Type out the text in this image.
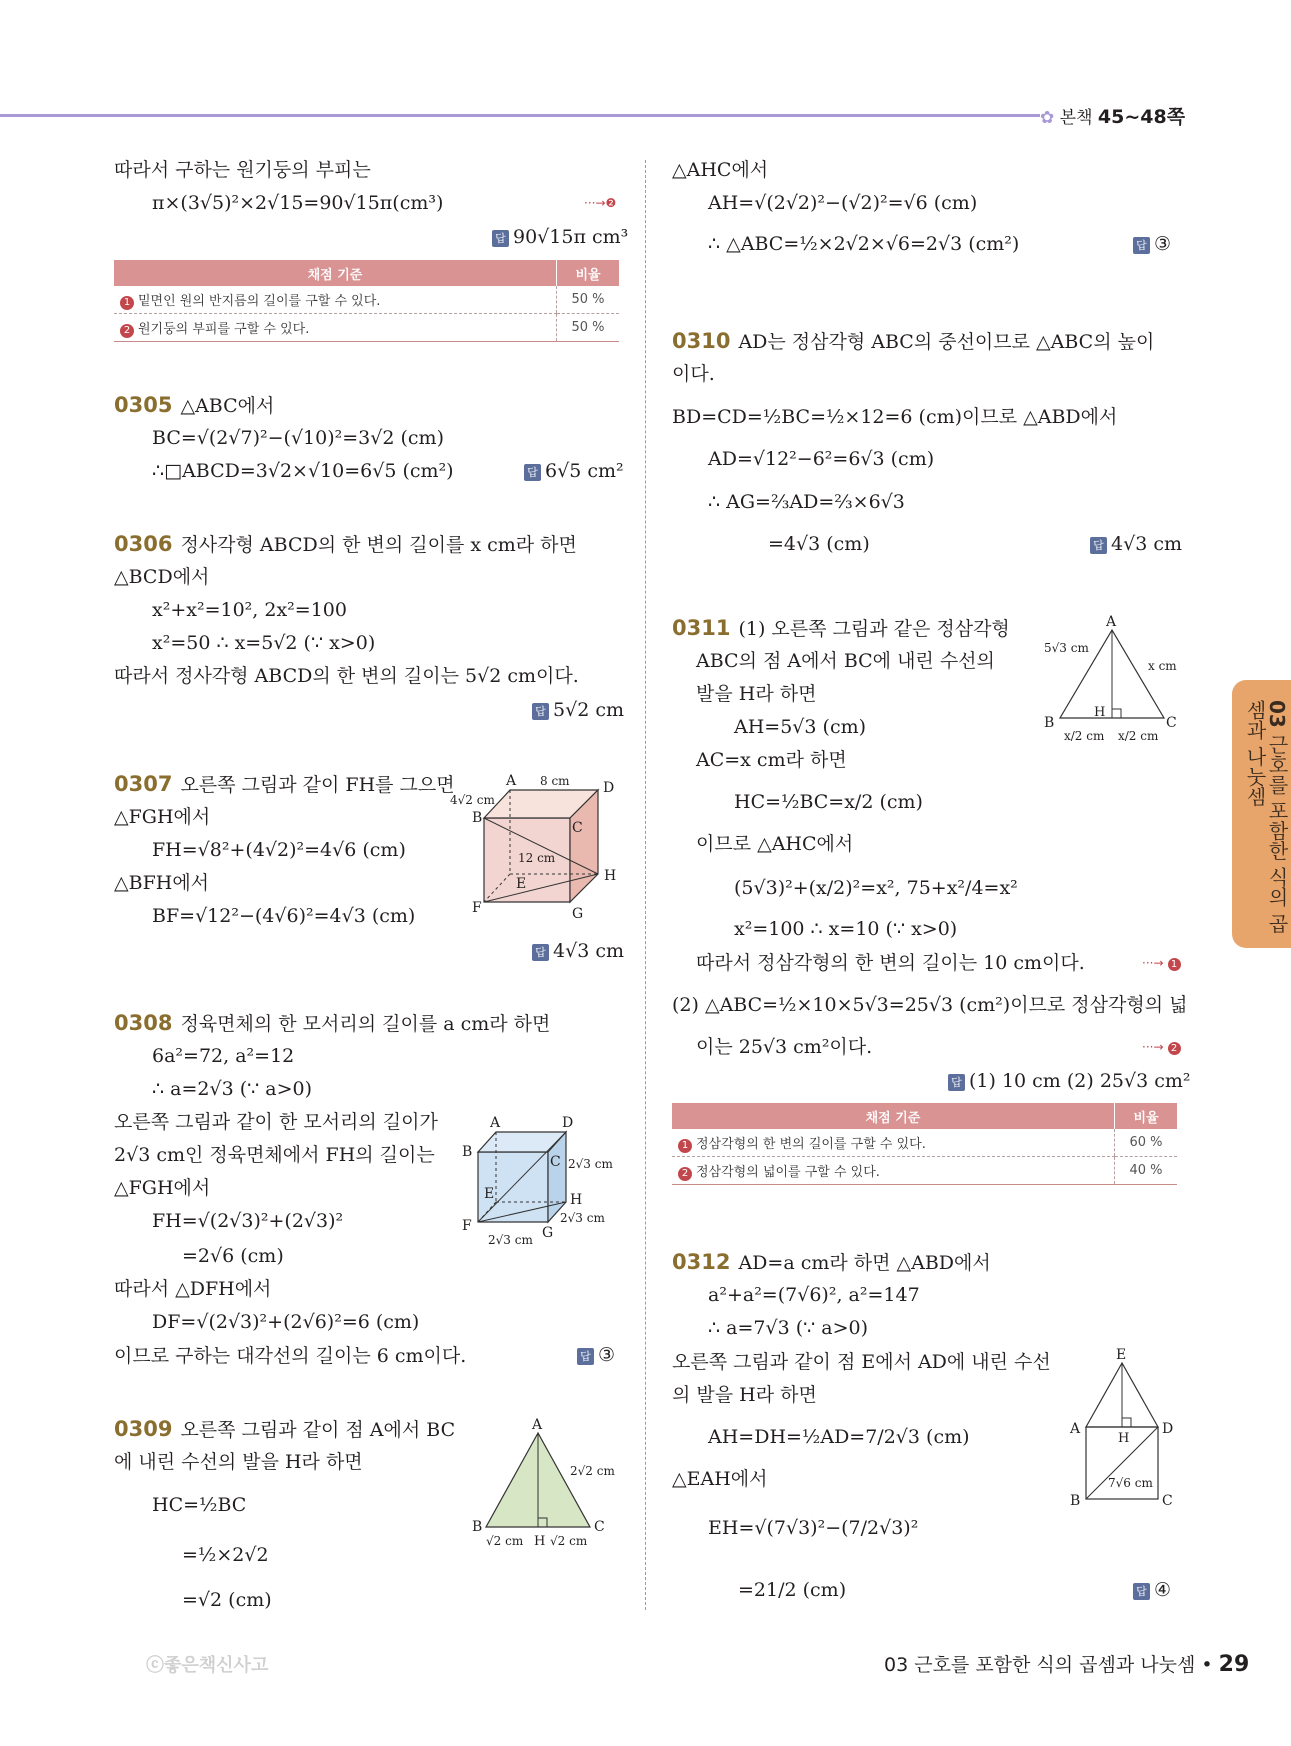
✿ 본책 45~48쪽
따라서 구하는 원기둥의 부피는
π×(3√5)²×2√15=90√15π(cm³)	···→❷
답 90√15π cm³
채점 기준	비율
1 밑면인 원의 반지름의 길이를 구할 수 있다.	50 %
2 원기둥의 부피를 구할 수 있다.	50 %
0305 △ABC에서
BC=√(2√7)²−(√10)²=3√2 (cm)
∴□ABCD=3√2×√10=6√5 (cm²)	답 6√5 cm²
0306 정사각형 ABCD의 한 변의 길이를 x cm라 하면
△BCD에서
x²+x²=10², 2x²=100
x²=50 ∴ x=5√2 (∵ x>0)
따라서 정사각형 ABCD의 한 변의 길이는 5√2 cm이다.
답 5√2 cm
0307 오른쪽 그림과 같이 FH를 그으면
△FGH에서
FH=√8²+(4√2)²=4√6 (cm)
△BFH에서
BF=√12²−(4√6)²=4√3 (cm)
답 4√3 cm
A
B
C
D
E
F	G
H
8 cm
4√2 cm
12 cm
0308 정육면체의 한 모서리의 길이를 a cm라 하면
6a²=72, a²=12
∴ a=2√3 (∵ a>0)
오른쪽 그림과 같이 한 모서리의 길이가
2√3 cm인 정육면체에서 FH의 길이는
△FGH에서
FH=√(2√3)²+(2√3)²
=2√6 (cm)
따라서 △DFH에서
DF=√(2√3)²+(2√6)²=6 (cm)
이므로 구하는 대각선의 길이는 6 cm이다.	답 ③
A
B
C
D
E
F	G
H
2√3 cm
2√3 cm
2√3 cm
0309 오른쪽 그림과 같이 점 A에서 BC
에 내린 수선의 발을 H라 하면
HC=½BC
=½×2√2
=√2 (cm)
A
B	C
H
2√2 cm
√2 cm √2 cm
△AHC에서
AH=√(2√2)²−(√2)²=√6 (cm)
∴ △ABC=½×2√2×√6=2√3 (cm²)	답 ③
0310 AD는 정삼각형 ABC의 중선이므로 △ABC의 높이
이다.
BD=CD=½BC=½×12=6 (cm)이므로 △ABD에서
AD=√12²−6²=6√3 (cm)
∴ AG=⅔AD=⅔×6√3
=4√3 (cm)	답 4√3 cm
0311 (1) 오른쪽 그림과 같은 정삼각형
ABC의 점 A에서 BC에 내린 수선의
발을 H라 하면
AH=5√3 (cm)
AC=x cm라 하면
HC=½BC=x/2 (cm)
이므로 △AHC에서
(5√3)²+(x/2)²=x², 75+x²/4=x²
x²=100 ∴ x=10 (∵ x>0)
따라서 정삼각형의 한 변의 길이는 10 cm이다.	···→ 1
(2) △ABC=½×10×5√3=25√3 (cm²)이므로 정삼각형의 넓
이는 25√3 cm²이다.	···→ 2
답 (1) 10 cm (2) 25√3 cm²
A
B	C
H
5√3 cm
x cm
x/2 cm x/2 cm
채점 기준	비율
1 정삼각형의 한 변의 길이를 구할 수 있다.	60 %
2 정삼각형의 넓이를 구할 수 있다.	40 %
0312 AD=a cm라 하면 △ABD에서
a²+a²=(7√6)², a²=147
∴ a=7√3 (∵ a>0)
오른쪽 그림과 같이 점 E에서 AD에 내린 수선
의 발을 H라 하면
AH=DH=½AD=7/2√3 (cm)
△EAH에서
EH=√(7√3)²−(7/2√3)²
=21/2 (cm)	답 ④
E
A	D
H
B	C
7√6 cm
03 근호를 포함한 식의 곱셈과 나눗셈
ⓒ좋은책신사고	03 근호를 포함한 식의 곱셈과 나눗셈 • 29
